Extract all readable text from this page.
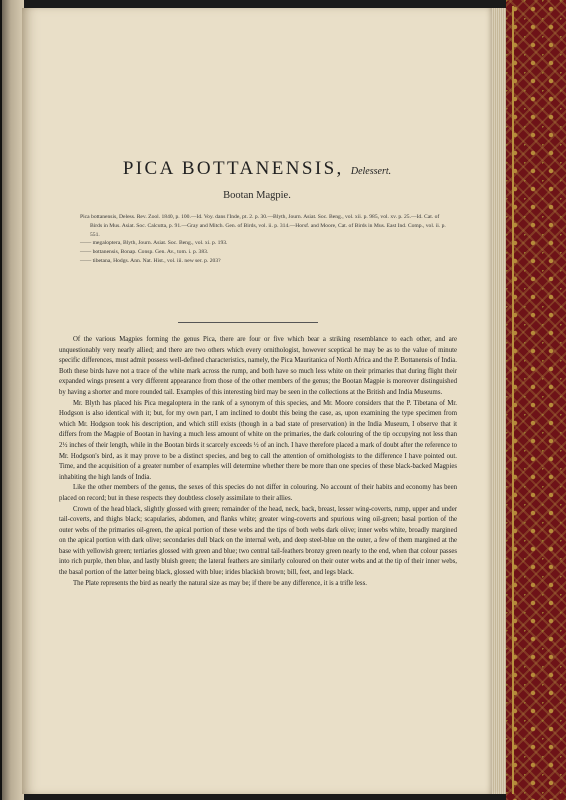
PICA BOTTANENSIS, Delessert.
Bootan Magpie.
Pica bottanensis, Deless. Rev. Zool. 1840, p. 100.—Id. Voy. dans l'Inde, pt. 2. p. 30.—Blyth, Journ. Asiat. Soc. Beng., vol. xii. p. 985, vol. xv. p. 25.—Id. Cat. of Birds in Mus. Asiat. Soc. Calcutta, p. 91.—Gray and Mitch. Gen. of Birds, vol. ii. p. 314.—Horsf. and Moore, Cat. of Birds in Mus. East Ind. Comp., vol. ii. p. 551.
—— megaloptera, Blyth, Journ. Asiat. Soc. Beng., vol. xi. p. 193.
—— bottanensis, Bonap. Consp. Gen. Av., tom. i. p. 383.
—— tibetana, Hodgs. Ann. Nat. Hist., vol. iii. new ser. p. 203?

Of the various Magpies forming the genus Pica, there are four or five which bear a striking resemblance to each other, and are unquestionably very nearly allied; and there are two others which every ornithologist, however sceptical he may be as to the value of minute specific differences, must admit possess well-defined characteristics, namely, the Pica Mauritanica of North Africa and the P. Bottanensis of India. Both these birds have not a trace of the white mark across the rump, and both have so much less white on their primaries that during flight their expanded wings present a very different appearance from those of the other members of the genus; the Bootan Magpie is moreover distinguished by having a shorter and more rounded tail. Examples of this interesting bird may be seen in the collections at the British and India Museums.

Mr. Blyth has placed his Pica megaloptera in the rank of a synonym of this species, and Mr. Moore considers that the P. Tibetana of Mr. Hodgson is also identical with it; but, for my own part, I am inclined to doubt this being the case, as, upon examining the type specimen from which Mr. Hodgson took his description, and which still exists (though in a bad state of preservation) in the India Museum, I observe that it differs from the Magpie of Bootan in having a much less amount of white on the primaries, the dark colouring of the tip occupying not less than 2½ inches of their length, while in the Bootan birds it scarcely exceeds ½ of an inch. I have therefore placed a mark of doubt after the reference to Mr. Hodgson's bird, as it may prove to be a distinct species, and beg to call the attention of ornithologists to the difference I have pointed out. Time, and the acquisition of a greater number of examples will determine whether there be more than one species of these black-backed Magpies inhabiting the high lands of India.

Like the other members of the genus, the sexes of this species do not differ in colouring. No account of their habits and economy has been placed on record; but in these respects they doubtless closely assimilate to their allies.

Crown of the head black, slightly glossed with green; remainder of the head, neck, back, breast, lesser wing-coverts, rump, upper and under tail-coverts, and thighs black; scapularies, abdomen, and flanks white; greater wing-coverts and spurious wing oil-green; basal portion of the outer webs of the primaries oil-green, the apical portion of these webs and the tips of both webs dark olive; inner webs white, broadly margined on the apical portion with dark olive; secondaries dull black on the internal web, and deep steel-blue on the outer, a few of them margined at the base with yellowish green; tertiaries glossed with green and blue; two central tail-feathers bronzy green nearly to the end, when that colour passes into rich purple, then blue, and lastly bluish green; the lateral feathers are similarly coloured on their outer webs and at the tip of their inner webs, the basal portion of the latter being black, glossed with blue; irides blackish brown; bill, feet, and legs black.

The Plate represents the bird as nearly the natural size as may be; if there be any difference, it is a trifle less.
